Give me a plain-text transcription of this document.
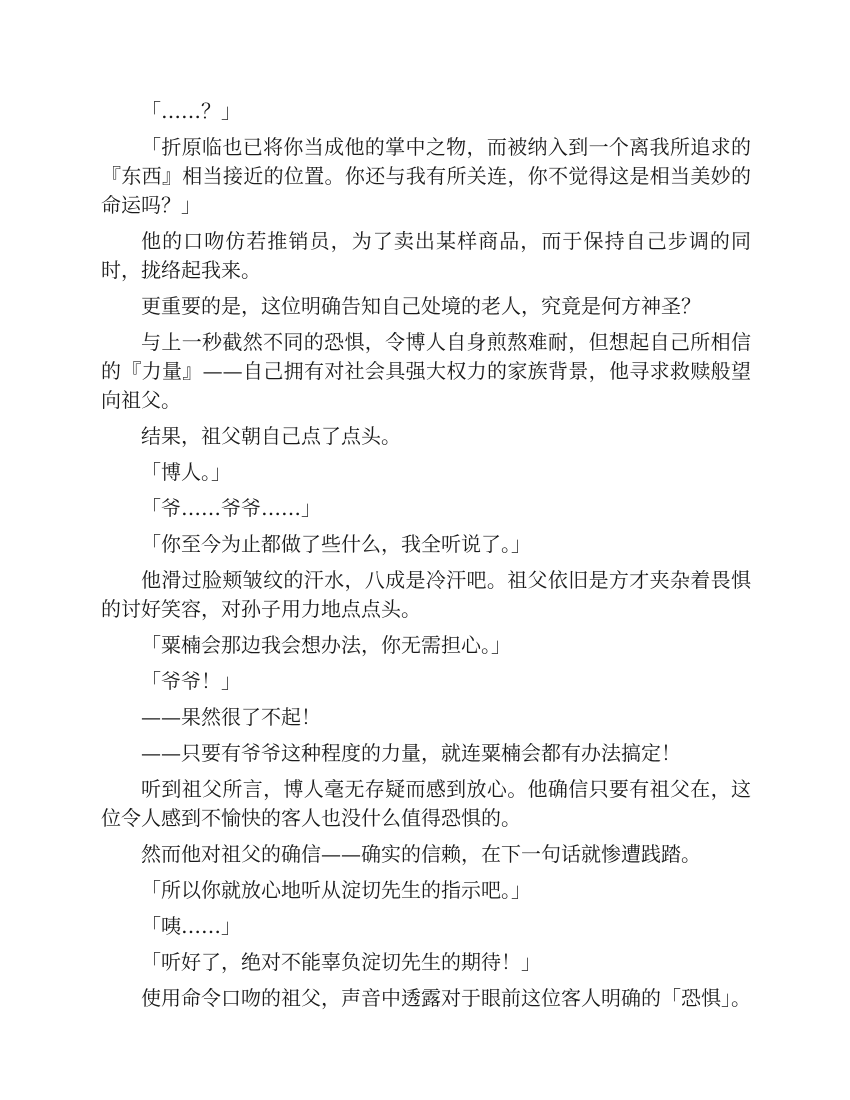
「……？」

「折原临也已将你当成他的掌中之物，而被纳入到一个离我所追求的『东西』相当接近的位置。你还与我有所关连，你不觉得这是相当美妙的命运吗？」

他的口吻仿若推销员，为了卖出某样商品，而于保持自己步调的同时，拢络起我来。

更重要的是，这位明确告知自己处境的老人，究竟是何方神圣？

与上一秒截然不同的恐惧，令博人自身煎熬难耐，但想起自己所相信的『力量』——自己拥有对社会具强大权力的家族背景，他寻求救赎般望向祖父。

结果，祖父朝自己点了点头。

「博人。」

「爷……爷爷……」

「你至今为止都做了些什么，我全听说了。」

他滑过脸颊皱纹的汗水，八成是冷汗吧。祖父依旧是方才夹杂着畏惧的讨好笑容，对孙子用力地点点头。

「粟楠会那边我会想办法，你无需担心。」

「爷爷！」

——果然很了不起！

——只要有爷爷这种程度的力量，就连粟楠会都有办法搞定！

听到祖父所言，博人毫无存疑而感到放心。他确信只要有祖父在，这位令人感到不愉快的客人也没什么值得恐惧的。

然而他对祖父的确信——确实的信赖，在下一句话就惨遭践踏。

「所以你就放心地听从淀切先生的指示吧。」

「咦……」

「听好了，绝对不能辜负淀切先生的期待！」

使用命令口吻的祖父，声音中透露对于眼前这位客人明确的「恐惧」。
